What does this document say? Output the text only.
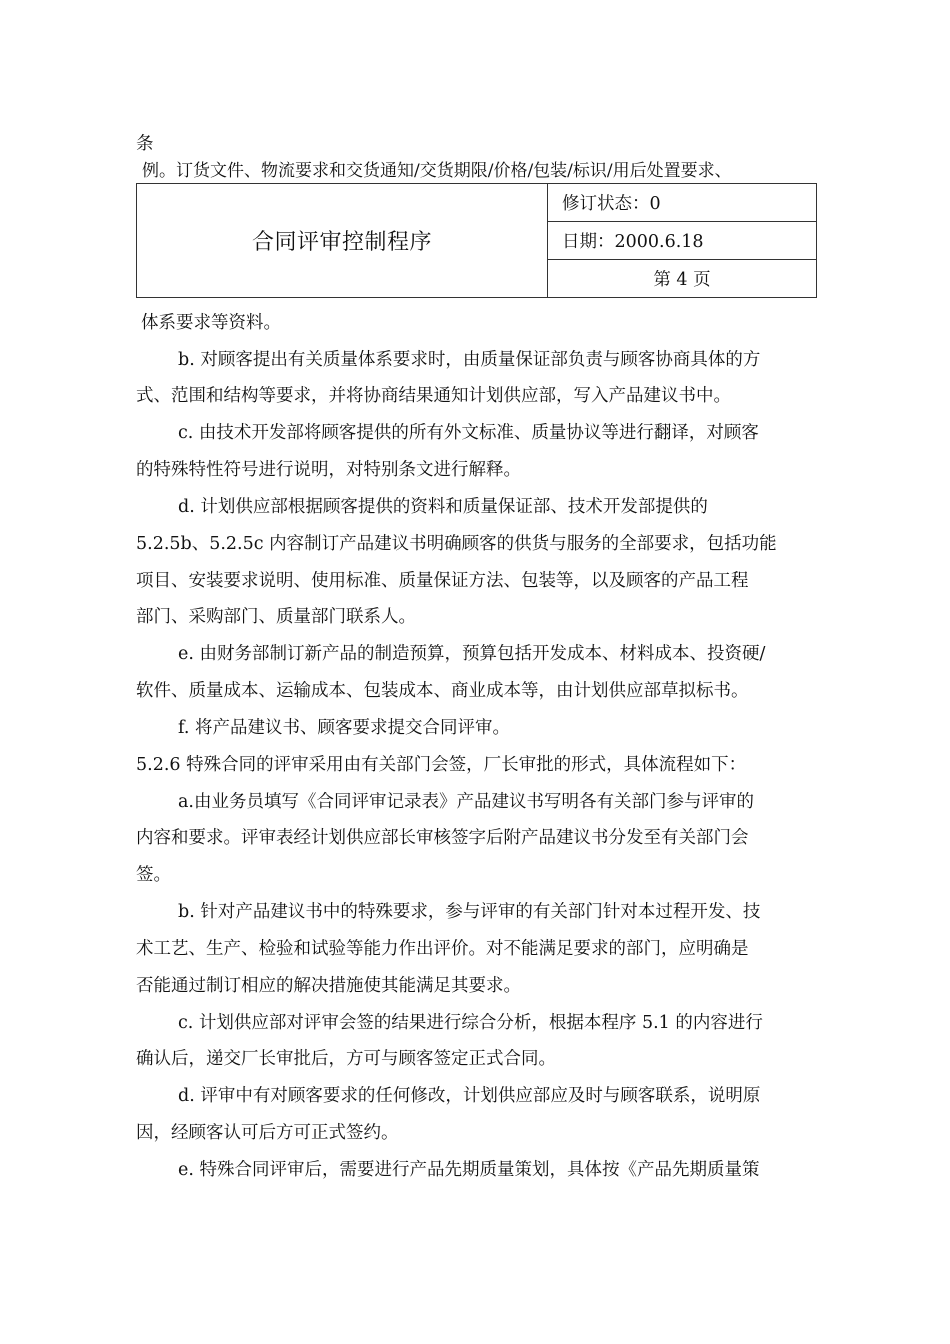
条
例。订货文件、物流要求和交货通知/交货期限/价格/包装/标识/用后处置要求、
合同评审控制程序	修订状态：0
日期：2000.6.18
第 4 页
体系要求等资料。
b. 对顾客提出有关质量体系要求时，由质量保证部负责与顾客协商具体的方
式、范围和结构等要求，并将协商结果通知计划供应部，写入产品建议书中。
c. 由技术开发部将顾客提供的所有外文标准、质量协议等进行翻译，对顾客
的特殊特性符号进行说明，对特别条文进行解释。
d. 计划供应部根据顾客提供的资料和质量保证部、技术开发部提供的
5.2.5b、5.2.5c 内容制订产品建议书明确顾客的供货与服务的全部要求，包括功能
项目、安装要求说明、使用标准、质量保证方法、包装等，以及顾客的产品工程
部门、采购部门、质量部门联系人。
e. 由财务部制订新产品的制造预算，预算包括开发成本、材料成本、投资硬/
软件、质量成本、运输成本、包装成本、商业成本等，由计划供应部草拟标书。
f. 将产品建议书、顾客要求提交合同评审。
5.2.6 特殊合同的评审采用由有关部门会签，厂长审批的形式，具体流程如下：
a.由业务员填写《合同评审记录表》产品建议书写明各有关部门参与评审的
内容和要求。评审表经计划供应部长审核签字后附产品建议书分发至有关部门会
签。
b. 针对产品建议书中的特殊要求，参与评审的有关部门针对本过程开发、技
术工艺、生产、检验和试验等能力作出评价。对不能满足要求的部门，应明确是
否能通过制订相应的解决措施使其能满足其要求。
c. 计划供应部对评审会签的结果进行综合分析，根据本程序 5.1 的内容进行
确认后，递交厂长审批后，方可与顾客签定正式合同。
d. 评审中有对顾客要求的任何修改，计划供应部应及时与顾客联系，说明原
因，经顾客认可后方可正式签约。
e. 特殊合同评审后，需要进行产品先期质量策划，具体按《产品先期质量策
